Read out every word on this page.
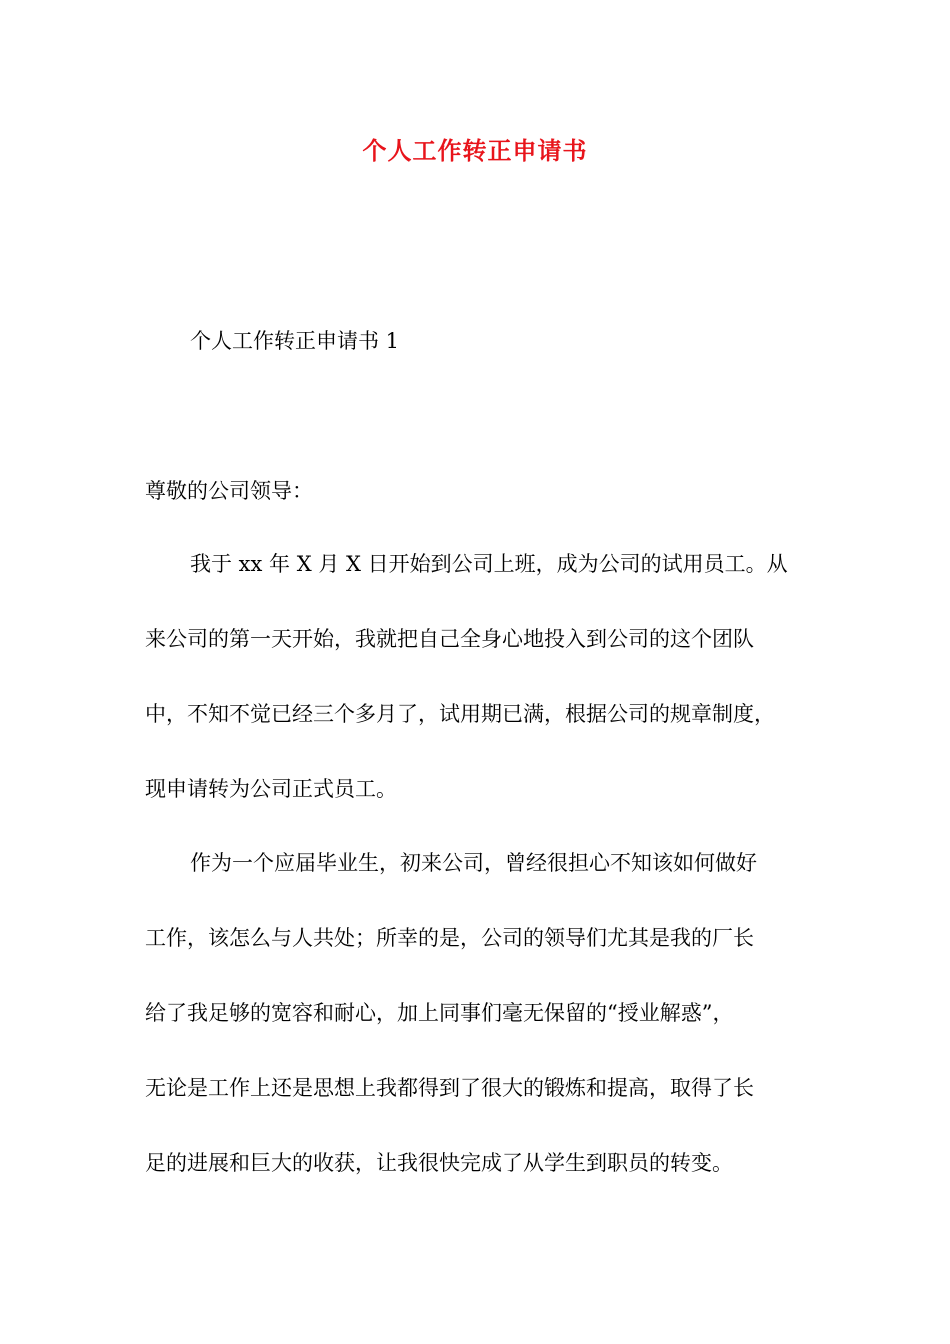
个人工作转正申请书
个人工作转正申请书 1
尊敬的公司领导：
我于 xx 年 X 月 X 日开始到公司上班，成为公司的试用员工。从
来公司的第一天开始，我就把自己全身心地投入到公司的这个团队
中，不知不觉已经三个多月了，试用期已满，根据公司的规章制度，
现申请转为公司正式员工。
作为一个应届毕业生，初来公司，曾经很担心不知该如何做好
工作，该怎么与人共处；所幸的是，公司的领导们尤其是我的厂长
给了我足够的宽容和耐心，加上同事们毫无保留的“授业解惑”，
无论是工作上还是思想上我都得到了很大的锻炼和提高，取得了长
足的进展和巨大的收获，让我很快完成了从学生到职员的转变。
